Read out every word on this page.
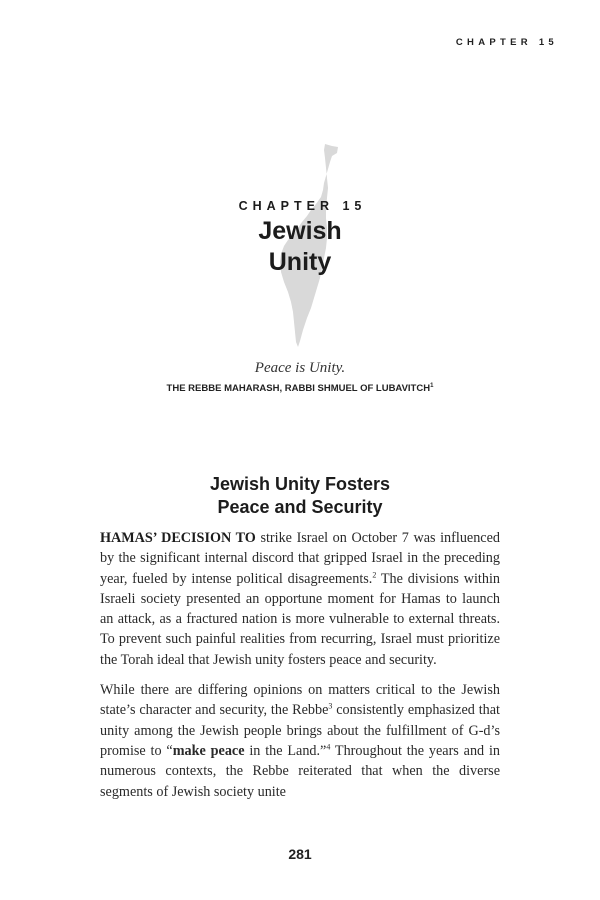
CHAPTER 15
CHAPTER 15
Jewish
Unity
Peace is Unity.
THE REBBE MAHARASH, RABBI SHMUEL OF LUBAVITCH$^1$
Jewish Unity Fosters
Peace and Security

HAMAS’ DECISION TO strike Israel on October 7 was influenced by the significant internal discord that gripped Israel in the preceding year, fueled by intense political disagreements.$^2$ The divisions within Israeli society presented an opportune moment for Hamas to launch an attack, as a fractured nation is more vulnerable to external threats. To prevent such painful realities from recurring, Israel must prioritize the Torah ideal that Jewish unity fosters peace and security.

While there are differing opinions on matters critical to the Jewish state’s character and security, the Rebbe$^3$ consistently emphasized that unity among the Jewish people brings about the fulfillment of G-d’s promise to “make peace in the Land.”$^4$ Throughout the years and in numerous contexts, the Rebbe reiterated that when the diverse segments of Jewish society unite

281
